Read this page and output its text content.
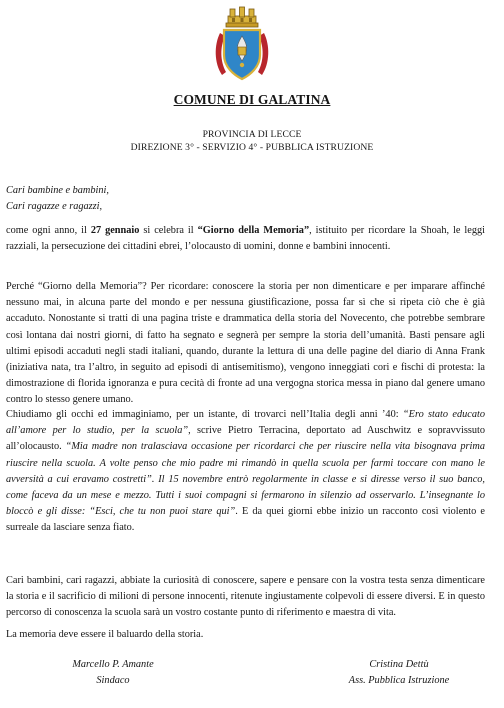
COMUNE DI GALATINA
PROVINCIA DI LECCE
DIREZIONE 3° - SERVIZIO 4° - PUBBLICA ISTRUZIONE
Cari bambine e bambini,
Cari ragazze e ragazzi,

come ogni anno, il 27 gennaio si celebra il “Giorno della Memoria”, istituito per ricordare la Shoah, le leggi razziali, la persecuzione dei cittadini ebrei, l’olocausto di uomini, donne e bambini innocenti.

Perché “Giorno della Memoria”? Per ricordare: conoscere la storia per non dimenticare e per imparare affinché nessuno mai, in alcuna parte del mondo e per nessuna giustificazione, possa far sì che si ripeta ciò che è già accaduto. Nonostante si tratti di una pagina triste e drammatica della storia del Novecento, che potrebbe sembrare così lontana dai nostri giorni, di fatto ha segnato e segnerà per sempre la storia dell’umanità. Basti pensare agli ultimi episodi accaduti negli stadi italiani, quando, durante la lettura di una delle pagine del diario di Anna Frank (iniziativa nata, tra l’altro, in seguito ad episodi di antisemitismo), vengono inneggiati cori e fischi di protesta: la dimostrazione di florida ignoranza e pura cecità di fronte ad una vergogna storica messa in piano dal genere umano contro lo stesso genere umano.

Chiudiamo gli occhi ed immaginiamo, per un istante, di trovarci nell’Italia degli anni ’40: “Ero stato educato all’amore per lo studio, per la scuola”, scrive Pietro Terracina, deportato ad Auschwitz e sopravvissuto all’olocausto. “Mia madre non tralasciava occasione per ricordarci che per riuscire nella vita bisognava prima riuscire nella scuola. A volte penso che mio padre mi rimandò in quella scuola per farmi toccare con mano le avversità a cui eravamo costretti”. Il 15 novembre entrò regolarmente in classe e si diresse verso il suo banco, come faceva da un mese e mezzo. Tutti i suoi compagni si fermarono in silenzio ad osservarlo. L’insegnante lo bloccò e gli disse: “Esci, che tu non puoi stare qui”. E da quei giorni ebbe inizio un racconto così violento e surreale da lasciare senza fiato.

Cari bambini, cari ragazzi, abbiate la curiosità di conoscere, sapere e pensare con la vostra testa senza dimenticare la storia e il sacrificio di milioni di persone innocenti, ritenute ingiustamente colpevoli di essere diversi. E in questo percorso di conoscenza la scuola sarà un vostro costante punto di riferimento e maestra di vita.

La memoria deve essere il baluardo della storia.

Marcello P. Amante
Sindaco
Cristina Dettù
Ass. Pubblica Istruzione
